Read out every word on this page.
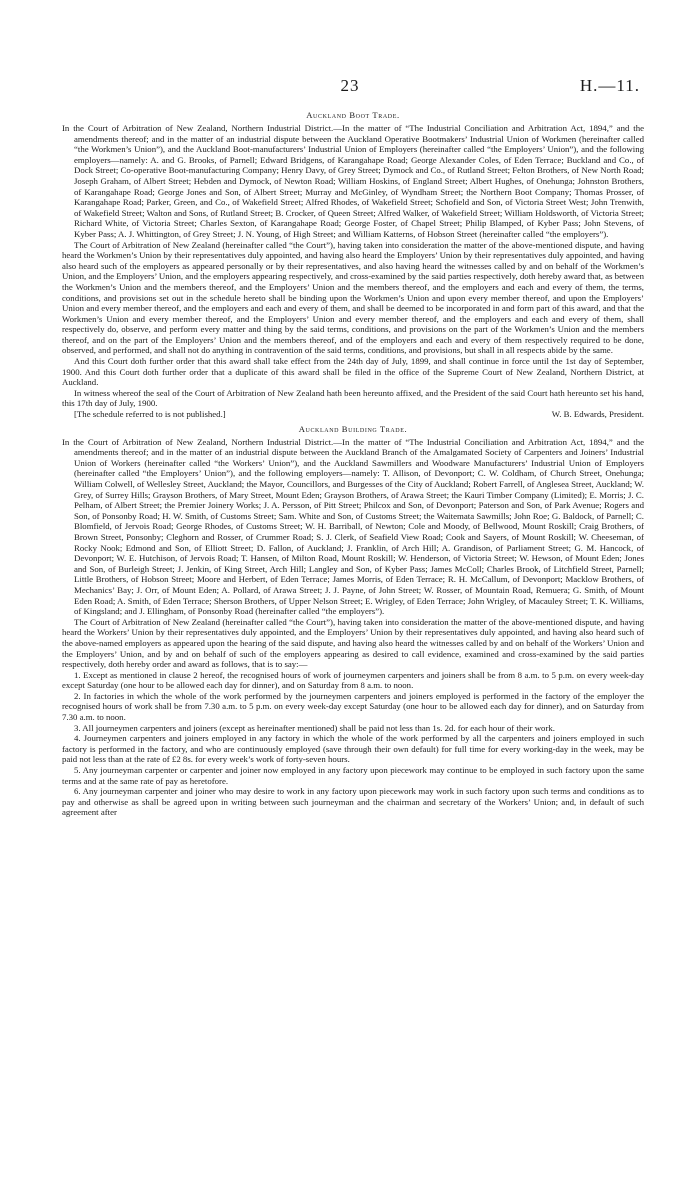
23	H.—11.
Auckland Boot Trade.

In the Court of Arbitration of New Zealand, Northern Industrial District.—In the matter of “The Industrial Conciliation and Arbitration Act, 1894,” and the amendments thereof; and in the matter of an industrial dispute between the Auckland Operative Bootmakers’ Industrial Union of Workmen (hereinafter called “the Workmen’s Union”), and the Auckland Boot-manufacturers’ Industrial Union of Employers (hereinafter called “the Employers’ Union”), and the following employers—namely: A. and G. Brooks, of Parnell; Edward Bridgens, of Karangahape Road; George Alexander Coles, of Eden Terrace; Buckland and Co., of Dock Street; Co-operative Boot-manufacturing Company; Henry Davy, of Grey Street; Dymock and Co., of Rutland Street; Felton Brothers, of New North Road; Joseph Graham, of Albert Street; Hebden and Dymock, of Newton Road; William Hoskins, of England Street; Albert Hughes, of Onehunga; Johnston Brothers, of Karangahape Road; George Jones and Son, of Albert Street; Murray and McGinley, of Wyndham Street; the Northern Boot Company; Thomas Prosser, of Karangahape Road; Parker, Green, and Co., of Wakefield Street; Alfred Rhodes, of Wakefield Street; Schofield and Son, of Victoria Street West; John Trenwith, of Wakefield Street; Walton and Sons, of Rutland Street; B. Crocker, of Queen Street; Alfred Walker, of Wakefield Street; William Holdsworth, of Victoria Street; Richard White, of Victoria Street; Charles Sexton, of Karangahape Road; George Foster, of Chapel Street; Philip Blamped, of Kyber Pass; John Stevens, of Kyber Pass; A. J. Whittington, of Grey Street; J. N. Young, of High Street; and William Katterns, of Hobson Street (hereinafter called “the employers”).

The Court of Arbitration of New Zealand (hereinafter called “the Court”), having taken into consideration the matter of the above-mentioned dispute, and having heard the Workmen’s Union by their representatives duly appointed, and having also heard the Employers’ Union by their representatives duly appointed, and having also heard such of the employers as appeared personally or by their representatives, and also having heard the witnesses called by and on behalf of the Workmen’s Union, and the Employers’ Union, and the employers appearing respectively, and cross-examined by the said parties respectively, doth hereby award that, as between the Workmen’s Union and the members thereof, and the Employers’ Union and the members thereof, and the employers and each and every of them, the terms, conditions, and provisions set out in the schedule hereto shall be binding upon the Workmen’s Union and upon every member thereof, and upon the Employers’ Union and every member thereof, and the employers and each and every of them, and shall be deemed to be incorporated in and form part of this award, and that the Workmen’s Union and every member thereof, and the Employers’ Union and every member thereof, and the employers and each and every of them, shall respectively do, observe, and perform every matter and thing by the said terms, conditions, and provisions on the part of the Workmen’s Union and the members thereof, and on the part of the Employers’ Union and the members thereof, and of the employers and each and every of them respectively required to be done, observed, and performed, and shall not do anything in contravention of the said terms, conditions, and provisions, but shall in all respects abide by the same.

And this Court doth further order that this award shall take effect from the 24th day of July, 1899, and shall continue in force until the 1st day of September, 1900. And this Court doth further order that a duplicate of this award shall be filed in the office of the Supreme Court of New Zealand, Northern District, at Auckland.

In witness whereof the seal of the Court of Arbitration of New Zealand hath been hereunto affixed, and the President of the said Court hath hereunto set his hand, this 17th day of July, 1900.

[The schedule referred to is not published.]	W. B. Edwards, President.
Auckland Building Trade.

In the Court of Arbitration of New Zealand, Northern Industrial District.—In the matter of “The Industrial Conciliation and Arbitration Act, 1894,” and the amendments thereof; and in the matter of an industrial dispute between the Auckland Branch of the Amalgamated Society of Carpenters and Joiners’ Industrial Union of Workers (hereinafter called “the Workers’ Union”), and the Auckland Sawmillers and Woodware Manufacturers’ Industrial Union of Employers (hereinafter called “the Employers’ Union”), and the following employers—namely: T. Allison, of Devonport; C. W. Coldham, of Church Street, Onehunga; William Colwell, of Wellesley Street, Auckland; the Mayor, Councillors, and Burgesses of the City of Auckland; Robert Farrell, of Anglesea Street, Auckland; W. Grey, of Surrey Hills; Grayson Brothers, of Mary Street, Mount Eden; Grayson Brothers, of Arawa Street; the Kauri Timber Company (Limited); E. Morris; J. C. Pelham, of Albert Street; the Premier Joinery Works; J. A. Persson, of Pitt Street; Philcox and Son, of Devonport; Paterson and Son, of Park Avenue; Rogers and Son, of Ponsonby Road; H. W. Smith, of Customs Street; Sam. White and Son, of Customs Street; the Waitemata Sawmills; John Roe; G. Baldock, of Parnell; C. Blomfield, of Jervois Road; George Rhodes, of Customs Street; W. H. Barriball, of Newton; Cole and Moody, of Bellwood, Mount Roskill; Craig Brothers, of Brown Street, Ponsonby; Cleghorn and Rosser, of Crummer Road; S. J. Clerk, of Seafield View Road; Cook and Sayers, of Mount Roskill; W. Cheeseman, of Rocky Nook; Edmond and Son, of Elliott Street; D. Fallon, of Auckland; J. Franklin, of Arch Hill; A. Grandison, of Parliament Street; G. M. Hancock, of Devonport; W. E. Hutchison, of Jervois Road; T. Hansen, of Milton Road, Mount Roskill; W. Henderson, of Victoria Street; W. Hewson, of Mount Eden; Jones and Son, of Burleigh Street; J. Jenkin, of King Street, Arch Hill; Langley and Son, of Kyber Pass; James McColl; Charles Brook, of Litchfield Street, Parnell; Little Brothers, of Hobson Street; Moore and Herbert, of Eden Terrace; James Morris, of Eden Terrace; R. H. McCallum, of Devonport; Macklow Brothers, of Mechanics’ Bay; J. Orr, of Mount Eden; A. Pollard, of Arawa Street; J. J. Payne, of John Street; W. Rosser, of Mountain Road, Remuera; G. Smith, of Mount Eden Road; A. Smith, of Eden Terrace; Sherson Brothers, of Upper Nelson Street; E. Wrigley, of Eden Terrace; John Wrigley, of Macauley Street; T. K. Williams, of Kingsland; and J. Ellingham, of Ponsonby Road (hereinafter called “the employers”).

The Court of Arbitration of New Zealand (hereinafter called “the Court”), having taken into consideration the matter of the above-mentioned dispute, and having heard the Workers’ Union by their representatives duly appointed, and the Employers’ Union by their representatives duly appointed, and having also heard such of the above-named employers as appeared upon the hearing of the said dispute, and having also heard the witnesses called by and on behalf of the Workers’ Union and the Employers’ Union, and by and on behalf of such of the employers appearing as desired to call evidence, examined and cross-examined by the said parties respectively, doth hereby order and award as follows, that is to say:—

1. Except as mentioned in clause 2 hereof, the recognised hours of work of journeymen carpenters and joiners shall be from 8 a.m. to 5 p.m. on every week-day except Saturday (one hour to be allowed each day for dinner), and on Saturday from 8 a.m. to noon.

2. In factories in which the whole of the work performed by the journeymen carpenters and joiners employed is performed in the factory of the employer the recognised hours of work shall be from 7.30 a.m. to 5 p.m. on every week-day except Saturday (one hour to be allowed each day for dinner), and on Saturday from 7.30 a.m. to noon.

3. All journeymen carpenters and joiners (except as hereinafter mentioned) shall be paid not less than 1s. 2d. for each hour of their work.

4. Journeymen carpenters and joiners employed in any factory in which the whole of the work performed by all the carpenters and joiners employed in such factory is performed in the factory, and who are continuously employed (save through their own default) for full time for every working-day in the week, may be paid not less than at the rate of £2 8s. for every week’s work of forty-seven hours.

5. Any journeyman carpenter or carpenter and joiner now employed in any factory upon piecework may continue to be employed in such factory upon the same terms and at the same rate of pay as heretofore.

6. Any journeyman carpenter and joiner who may desire to work in any factory upon piecework may work in such factory upon such terms and conditions as to pay and otherwise as shall be agreed upon in writing between such journeyman and the chairman and secretary of the Workers’ Union; and, in default of such agreement after
